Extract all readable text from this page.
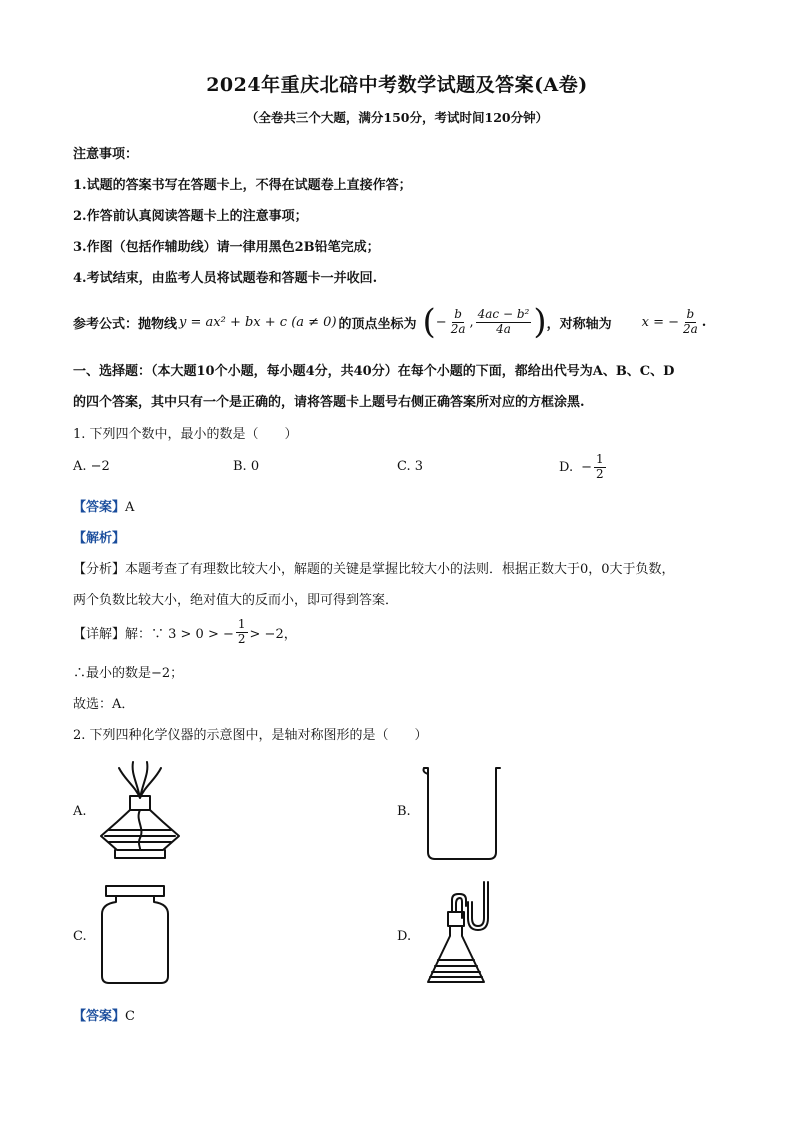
2024年重庆北碚中考数学试题及答案(A卷)
（全卷共三个大题，满分150分，考试时间120分钟）
注意事项：
1.试题的答案书写在答题卡上，不得在试题卷上直接作答；
2.作答前认真阅读答题卡上的注意事项；
3.作图（包括作辅助线）请一律用黑色2B铅笔完成；
4.考试结束，由监考人员将试题卷和答题卡一并收回.
参考公式：抛物线 y = ax² + bx + c (a ≠ 0) 的顶点坐标为 ( − $\frac{b}{2a}$ , $\frac{\text{4ac − b²}}{4a}$ ) ，对称轴为 x = − $\frac{b}{2a}$ .
一、选择题：（本大题10个小题，每小题4分，共40分）在每个小题的下面，都给出代号为A、B、C、D
的四个答案，其中只有一个是正确的，请将答题卡上题号右侧正确答案所对应的方框涂黑.
1. 下列四个数中，最小的数是（　　）
A. −2	B. 0	C. 3	D. − $\frac{1}{2}$
【答案】A
【解析】
【分析】本题考查了有理数比较大小，解题的关键是掌握比较大小的法则．根据正数大于0，0大于负数，
两个负数比较大小，绝对值大的反而小，即可得到答案．
【详解】解：∵ 3 > 0 > − $\frac{1}{2} > -2$，
∴最小的数是−2；
故选：A．
2. 下列四种化学仪器的示意图中，是轴对称图形的是（　　）
A.	B.
C.	D.
【答案】C
